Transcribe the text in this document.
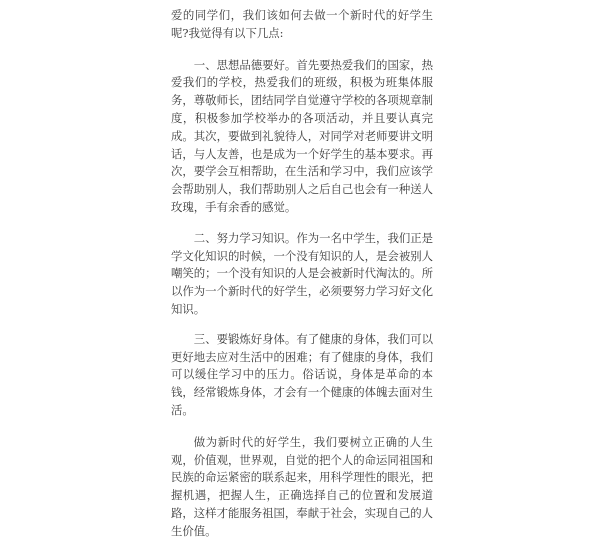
爱的同学们，我们该如何去做一个新时代的好学生呢?我觉得有以下几点:

一、思想品德要好。首先要热爱我们的国家，热爱我们的学校，热爱我们的班级，积极为班集体服务，尊敬师长，团结同学自觉遵守学校的各项规章制度，积极参加学校举办的各项活动，并且要认真完成。其次，要做到礼貌待人，对同学对老师要讲文明话，与人友善，也是成为一个好学生的基本要求。再次，要学会互相帮助，在生活和学习中，我们应该学会帮助别人，我们帮助别人之后自己也会有一种送人玫瑰，手有余香的感觉。

二、努力学习知识。作为一名中学生，我们正是学文化知识的时候，一个没有知识的人，是会被别人嘲笑的；一个没有知识的人是会被新时代淘汰的。所以作为一个新时代的好学生，必须要努力学习好文化知识。

三、要锻炼好身体。有了健康的身体，我们可以更好地去应对生活中的困难；有了健康的身体，我们可以缓住学习中的压力。俗话说，身体是革命的本钱，经常锻炼身体，才会有一个健康的体魄去面对生活。

做为新时代的好学生，我们要树立正确的人生观，价值观，世界观，自觉的把个人的命运同祖国和民族的命运紧密的联系起来，用科学理性的眼光，把握机遇，把握人生，正确选择自己的位置和发展道路，这样才能服务祖国，奉献于社会，实现自己的人生价值。
